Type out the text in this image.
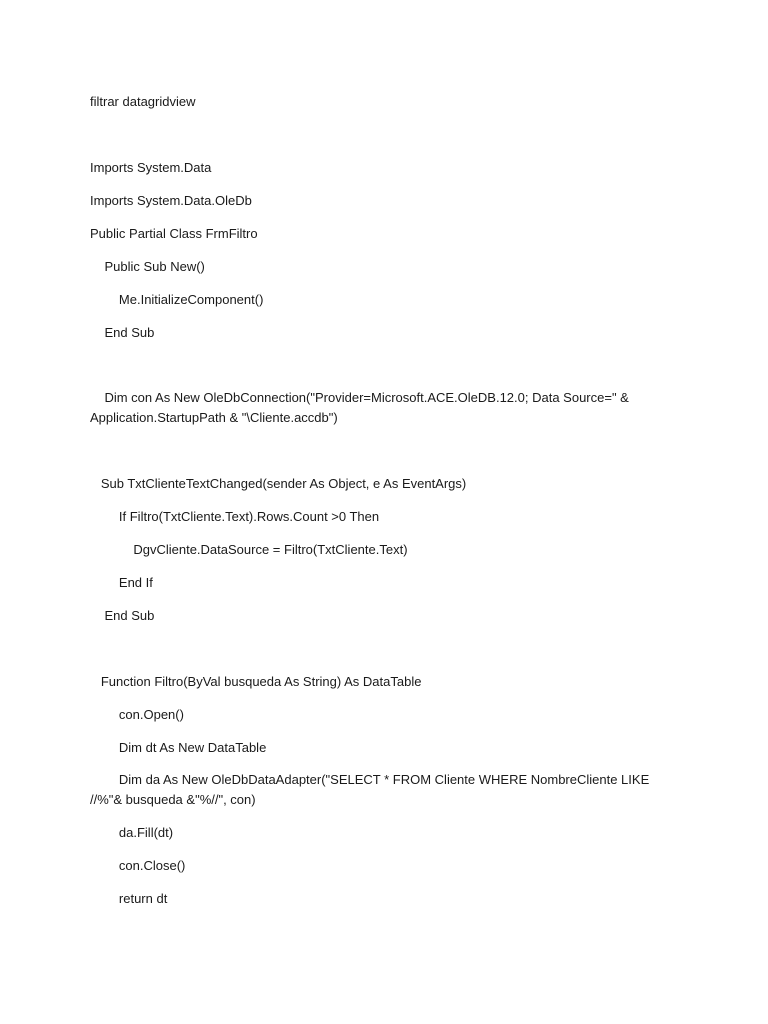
filtrar datagridview

Imports System.Data

Imports System.Data.OleDb

Public Partial Class FrmFiltro

Public Sub New()

Me.InitializeComponent()

End Sub

Dim con As New OleDbConnection("Provider=Microsoft.ACE.OleDB.12.0; Data Source=" & Application.StartupPath & "\Cliente.accdb")

Sub TxtClienteTextChanged(sender As Object, e As EventArgs)

If Filtro(TxtCliente.Text).Rows.Count >0 Then

DgvCliente.DataSource = Filtro(TxtCliente.Text)

End If

End Sub

Function Filtro(ByVal busqueda As String) As DataTable

con.Open()

Dim dt As New DataTable

Dim da As New OleDbDataAdapter("SELECT * FROM Cliente WHERE NombreCliente LIKE //%"& busqueda &"%//", con)

da.Fill(dt)

con.Close()

return dt
